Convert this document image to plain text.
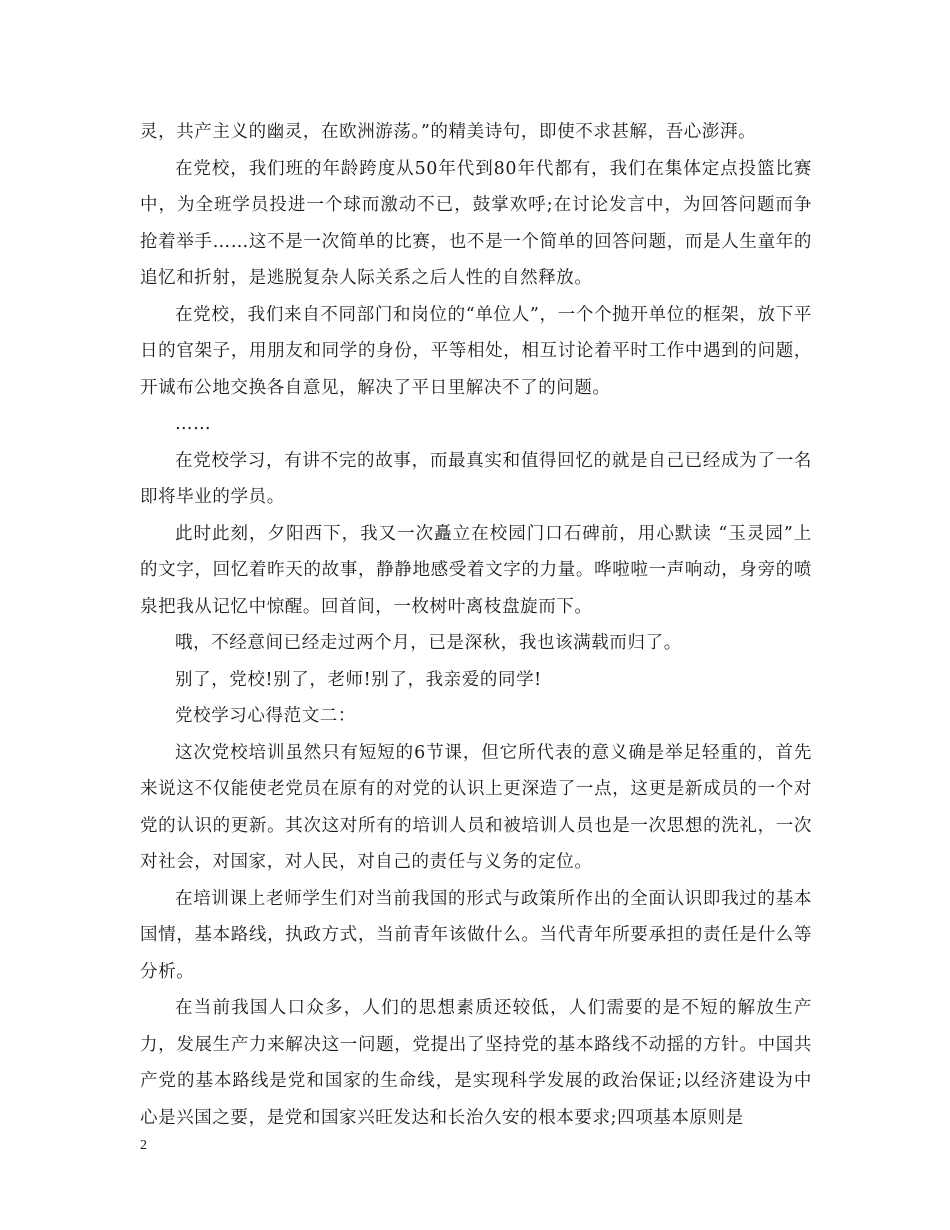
灵，共产主义的幽灵，在欧洲游荡。”的精美诗句，即使不求甚解，吾心澎湃。

在党校，我们班的年龄跨度从50年代到80年代都有，我们在集体定点投篮比赛中，为全班学员投进一个球而激动不已，鼓掌欢呼;在讨论发言中，为回答问题而争抢着举手……这不是一次简单的比赛，也不是一个简单的回答问题，而是人生童年的追忆和折射，是逃脱复杂人际关系之后人性的自然释放。

在党校，我们来自不同部门和岗位的“单位人”，一个个抛开单位的框架，放下平日的官架子，用朋友和同学的身份，平等相处，相互讨论着平时工作中遇到的问题，开诚布公地交换各自意见，解决了平日里解决不了的问题。

……

在党校学习，有讲不完的故事，而最真实和值得回忆的就是自己已经成为了一名即将毕业的学员。

此时此刻，夕阳西下，我又一次矗立在校园门口石碑前，用心默读 “玉灵园”上的文字，回忆着昨天的故事，静静地感受着文字的力量。哗啦啦一声响动，身旁的喷泉把我从记忆中惊醒。回首间，一枚树叶离枝盘旋而下。

哦，不经意间已经走过两个月，已是深秋，我也该满载而归了。

别了，党校!别了，老师!别了，我亲爱的同学!

党校学习心得范文二：

这次党校培训虽然只有短短的6节课，但它所代表的意义确是举足轻重的，首先来说这不仅能使老党员在原有的对党的认识上更深造了一点，这更是新成员的一个对党的认识的更新。其次这对所有的培训人员和被培训人员也是一次思想的洗礼，一次对社会，对国家，对人民，对自己的责任与义务的定位。

在培训课上老师学生们对当前我国的形式与政策所作出的全面认识即我过的基本国情，基本路线，执政方式，当前青年该做什么。当代青年所要承担的责任是什么等分析。

在当前我国人口众多，人们的思想素质还较低，人们需要的是不短的解放生产力，发展生产力来解决这一问题，党提出了坚持党的基本路线不动摇的方针。中国共产党的基本路线是党和国家的生命线，是实现科学发展的政治保证;以经济建设为中心是兴国之要，是党和国家兴旺发达和长治久安的根本要求;四项基本原则是

2
